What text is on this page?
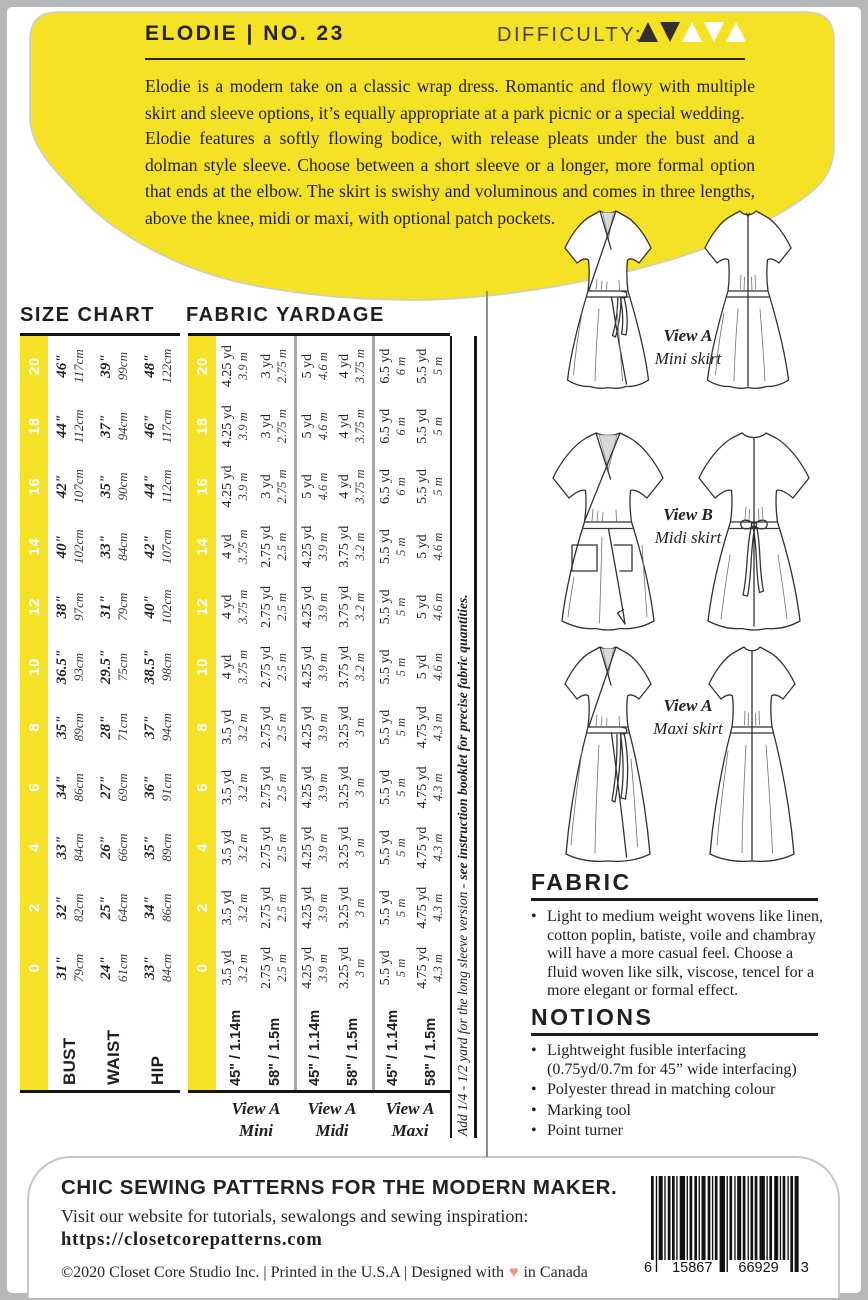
ELODIE | NO. 23	DIFFICULTY:
Elodie is a modern take on a classic wrap dress. Romantic and flowy with multiple skirt and sleeve options, it’s equally appropriate at a park picnic or a special wedding.
Elodie features a softly flowing bodice, with release pleats under the bust and a dolman style sleeve. Choose between a short sleeve or a longer, more formal option that ends at the elbow. The skirt is swishy and voluminous and comes in three lengths, above the knee, midi or maxi, with optional patch pockets.
SIZE CHART FABRIC YARDAGE
0
2
4
6
8
10
12
14
16
18
20
BUST
31" 79cm
32" 82cm
33" 84cm
34" 86cm
35" 89cm
36.5" 93cm
38" 97cm
40" 102cm
42" 107cm
44" 112cm
46" 117cm
WAIST
24" 61cm
25" 64cm
26" 66cm
27" 69cm
28" 71cm
29.5" 75cm
31" 79cm
33" 84cm
35" 90cm
37" 94cm
39" 99cm
HIP
33" 84cm
34" 86cm
35" 89cm
36" 91cm
37" 94cm
38.5" 98cm
40" 102cm
42" 107cm
44" 112cm
46" 117cm
48" 122cm
0
2
4
6
8
10
12
14
16
18
20
45" / 1.14m
3.5 yd 3.2 m
3.5 yd 3.2 m
3.5 yd 3.2 m
3.5 yd 3.2 m
3.5 yd 3.2 m
4 yd 3.75 m
4 yd 3.75 m
4 yd 3.75 m
4.25 yd 3.9 m
4.25 yd 3.9 m
4.25 yd 3.9 m
58" / 1.5m
2.75 yd 2.5 m
2.75 yd 2.5 m
2.75 yd 2.5 m
2.75 yd 2.5 m
2.75 yd 2.5 m
2.75 yd 2.5 m
2.75 yd 2.5 m
2.75 yd 2.5 m
3 yd 2.75 m
3 yd 2.75 m
3 yd 2.75 m
45" / 1.14m
4.25 yd 3.9 m
4.25 yd 3.9 m
4.25 yd 3.9 m
4.25 yd 3.9 m
4.25 yd 3.9 m
4.25 yd 3.9 m
4.25 yd 3.9 m
4.25 yd 3.9 m
5 yd 4.6 m
5 yd 4.6 m
5 yd 4.6 m
58" / 1.5m
3.25 yd 3 m
3.25 yd 3 m
3.25 yd 3 m
3.25 yd 3 m
3.25 yd 3 m
3.75 yd 3.2 m
3.75 yd 3.2 m
3.75 yd 3.2 m
4 yd 3.75 m
4 yd 3.75 m
4 yd 3.75 m
45" / 1.14m
5.5 yd 5 m
5.5 yd 5 m
5.5 yd 5 m
5.5 yd 5 m
5.5 yd 5 m
5.5 yd 5 m
5.5 yd 5 m
5.5 yd 5 m
6.5 yd 6 m
6.5 yd 6 m
6.5 yd 6 m
58" / 1.5m
4.75 yd 4.3 m
4.75 yd 4.3 m
4.75 yd 4.3 m
4.75 yd 4.3 m
4.75 yd 4.3 m
5 yd 4.6 m
5 yd 4.6 m
5 yd 4.6 m
5.5 yd 5 m
5.5 yd 5 m
5.5 yd 5 m
Add 1/4 - 1/2 yard for the long sleeve version -
see instruction booklet for precise fabric quantities.
View A
Mini
View A
Midi
View A
Maxi
View A
Mini skirt
View B
Midi skirt
View A
Maxi skirt
FABRIC
• Light to medium weight wovens like linen, cotton poplin, batiste, voile and chambray will have a more casual feel. Choose a fluid woven like silk, viscose, tencel for a more elegant or formal effect.
NOTIONS
• Lightweight fusible interfacing (0.75yd/0.7m for 45” wide interfacing)
• Polyester thread in matching colour
• Marking tool
• Point turner
CHIC SEWING PATTERNS FOR THE MODERN MAKER.
Visit our website for tutorials, sewalongs and sewing inspiration:
https://closetcorepatterns.com
©2020 Closet Core Studio Inc. | Printed in the U.S.A | Designed with ♥ in Canada	6 15867 66929 3
